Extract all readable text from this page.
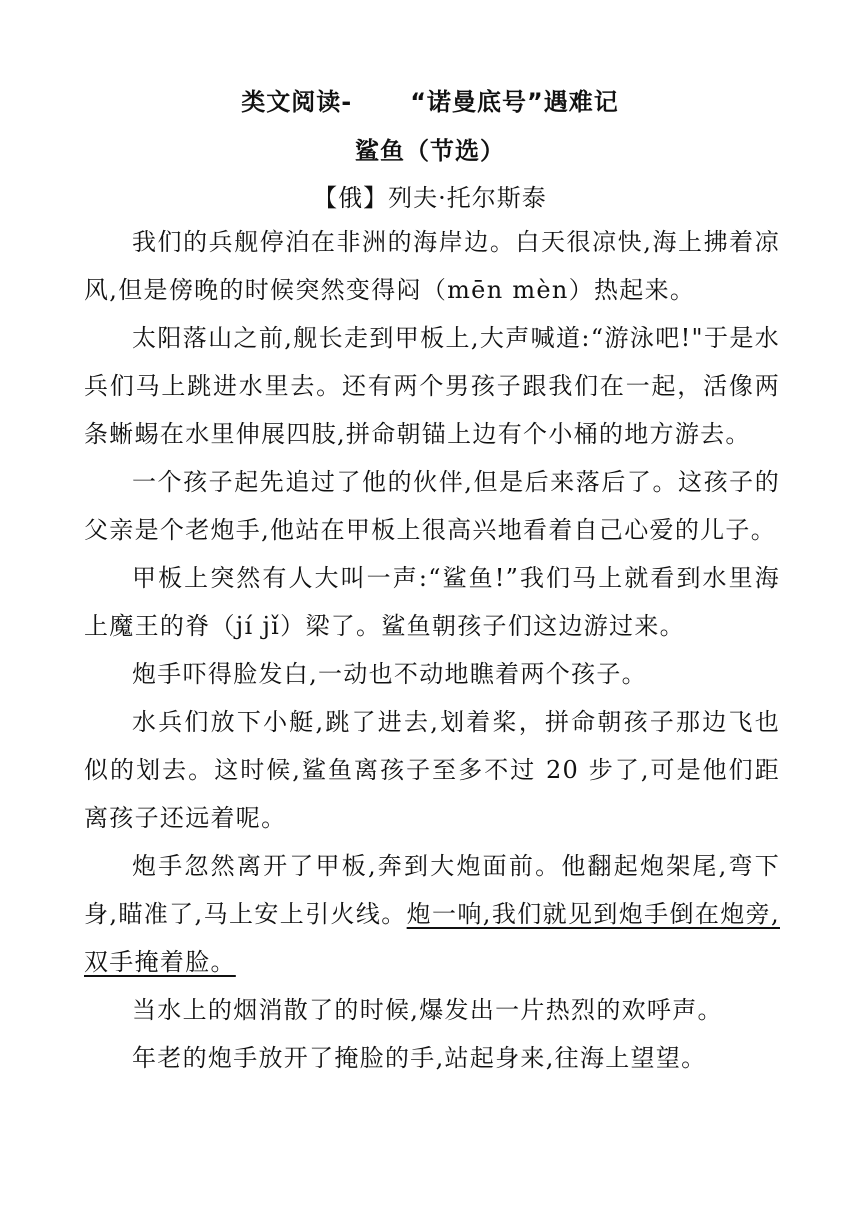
类文阅读- “诺曼底号”遇难记
鲨鱼（节选）
【俄】列夫·托尔斯泰

我们的兵舰停泊在非洲的海岸边。白天很凉快,海上拂着凉风,但是傍晚的时候突然变得闷（mēn mèn）热起来。

太阳落山之前,舰长走到甲板上,大声喊道:“游泳吧!"于是水兵们马上跳进水里去。还有两个男孩子跟我们在一起，活像两条蜥蜴在水里伸展四肢,拼命朝锚上边有个小桶的地方游去。

一个孩子起先追过了他的伙伴,但是后来落后了。这孩子的父亲是个老炮手,他站在甲板上很高兴地看着自己心爱的儿子。

甲板上突然有人大叫一声:“鲨鱼!”我们马上就看到水里海上魔王的脊（jí jǐ）梁了。鲨鱼朝孩子们这边游过来。

炮手吓得脸发白,一动也不动地瞧着两个孩子。

水兵们放下小艇,跳了进去,划着桨，拼命朝孩子那边飞也似的划去。这时候,鲨鱼离孩子至多不过 20 步了,可是他们距离孩子还远着呢。

炮手忽然离开了甲板,奔到大炮面前。他翻起炮架尾,弯下身,瞄准了,马上安上引火线。炮一响,我们就见到炮手倒在炮旁,双手掩着脸。

当水上的烟消散了的时候,爆发出一片热烈的欢呼声。

年老的炮手放开了掩脸的手,站起身来,往海上望望。
